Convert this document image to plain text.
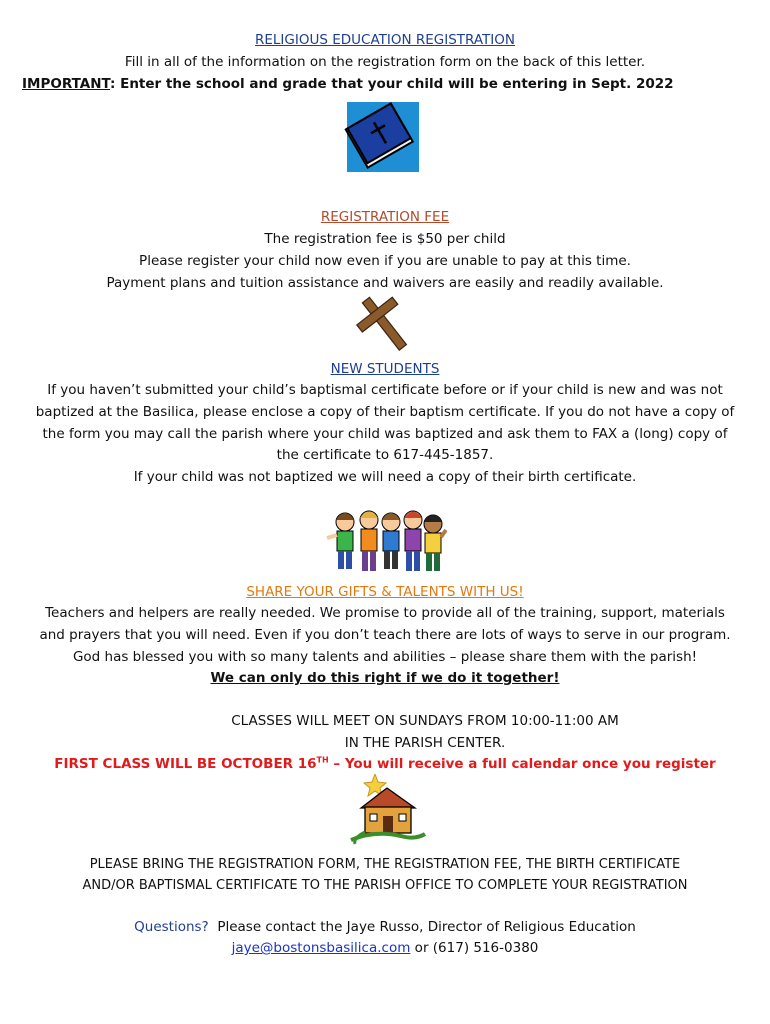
RELIGIOUS EDUCATION REGISTRATION
Fill in all of the information on the registration form on the back of this letter.
IMPORTANT: Enter the school and grade that your child will be entering in Sept. 2022
REGISTRATION FEE
The registration fee is $50 per child
Please register your child now even if you are unable to pay at this time.
Payment plans and tuition assistance and waivers are easily and readily available.
NEW STUDENTS
If you haven’t submitted your child’s baptismal certificate before or if your child is new and was not
baptized at the Basilica, please enclose a copy of their baptism certificate. If you do not have a copy of
the form you may call the parish where your child was baptized and ask them to FAX a (long) copy of
the certificate to 617-445-1857.
If your child was not baptized we will need a copy of their birth certificate.
SHARE YOUR GIFTS & TALENTS WITH US!
Teachers and helpers are really needed. We promise to provide all of the training, support, materials
and prayers that you will need. Even if you don’t teach there are lots of ways to serve in our program.
God has blessed you with so many talents and abilities – please share them with the parish!
We can only do this right if we do it together!
CLASSES WILL MEET ON SUNDAYS FROM 10:00-11:00 AM
IN THE PARISH CENTER.
FIRST CLASS WILL BE OCTOBER 16TH – You will receive a full calendar once you register
PLEASE BRING THE REGISTRATION FORM, THE REGISTRATION FEE, THE BIRTH CERTIFICATE
AND/OR BAPTISMAL CERTIFICATE TO THE PARISH OFFICE TO COMPLETE YOUR REGISTRATION
Questions? Please contact the Jaye Russo, Director of Religious Education
jaye@bostonsbasilica.com or (617) 516-0380
